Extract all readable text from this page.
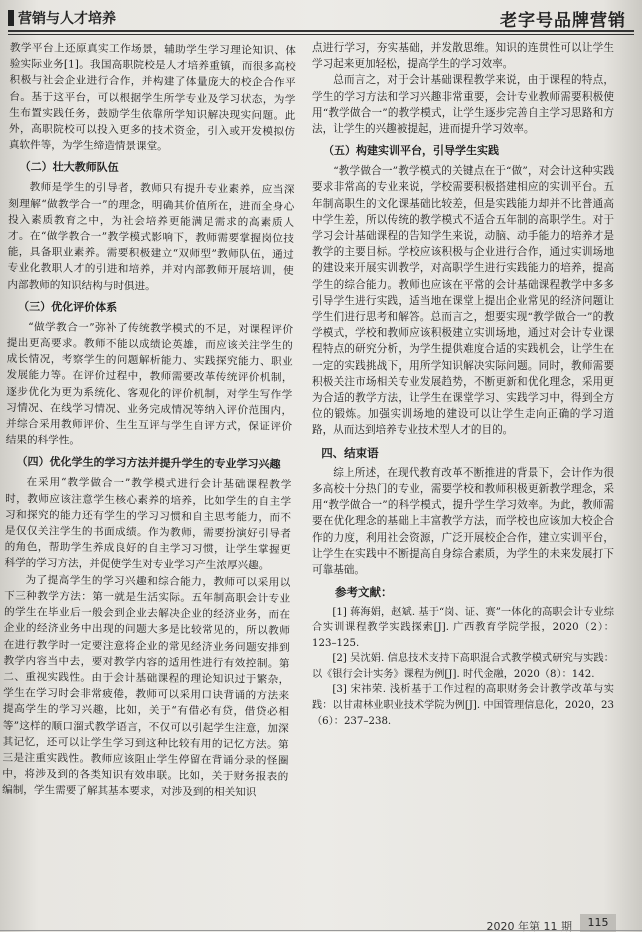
营销与人才培养	老字号品牌营销

教学平台上还原真实工作场景，辅助学生学习理论知识、体验实际业务[1]。我国高职院校是人才培养重镇，而很多高校积极与社会企业进行合作，并构建了体量庞大的校企合作平台。基于这平台，可以根据学生所学专业及学习状态，为学生布置实践任务，鼓励学生依靠所学知识解决现实问题。此外，高职院校可以投入更多的技术资金，引入或开发模拟仿真软件等，为学生缔造情景课堂。

（二）壮大教师队伍

教师是学生的引导者，教师只有提升专业素养，应当深刻理解“做教学合一”的理念，明确其价值所在，进而全身心投入素质教育之中，为社会培养更能满足需求的高素质人才。在“做学教合一”教学模式影响下，教师需要掌握岗位技能，具备职业素养。需要积极建立“双师型”教师队伍，通过专业化教职人才的引进和培养，并对内部教师开展培训，使内部教师的知识结构与时俱进。

（三）优化评价体系

“做学教合一”弥补了传统教学模式的不足，对课程评价提出更高要求。教师不能以成绩论英雄，而应该关注学生的成长情况，考察学生的问题解析能力、实践探究能力、职业发展能力等。在评价过程中，教师需要改革传统评价机制，逐步优化为更为系统化、客观化的评价机制，对学生写作学习情况、在线学习情况、业务完成情况等纳入评价范围内，并综合采用教师评价、生生互评与学生自评方式，保证评价结果的科学性。

（四）优化学生的学习方法并提升学生的专业学习兴趣

在采用“教学做合一”教学模式进行会计基础课程教学时，教师应该注意学生核心素养的培养，比如学生的自主学习和探究的能力还有学生的学习习惯和自主思考能力，而不是仅仅关注学生的书面成绩。作为教师，需要扮演好引导者的角色，帮助学生养成良好的自主学习习惯，让学生掌握更科学的学习方法，并促使学生对专业学习产生浓厚兴趣。

为了提高学生的学习兴趣和综合能力，教师可以采用以下三种教学方法：第一就是生活实际。五年制高职会计专业的学生在毕业后一般会到企业去解决企业的经济业务，而在企业的经济业务中出现的问题大多是比较常见的，所以教师在进行教学时一定要注意将企业的常见经济业务问题安排到教学内容当中去，要对教学内容的适用性进行有效控制。第二、重视实践性。由于会计基础课程的理论知识过于繁杂，学生在学习时会非常疲倦，教师可以采用口诀背诵的方法来提高学生的学习兴趣，比如，关于“有借必有贷，借贷必相等”这样的顺口溜式教学语言，不仅可以引起学生注意，加深其记忆，还可以让学生学习到这种比较有用的记忆方法。第三是注重实践性。教师应该阻止学生停留在背诵分录的怪圈中，将涉及到的各类知识有效串联。比如，关于财务报表的编制，学生需要了解其基本要求，对涉及到的相关知识

点进行学习，夯实基础，并发散思维。知识的连贯性可以让学生学习起来更加轻松，提高学生的学习效率。

总而言之，对于会计基础课程教学来说，由于课程的特点，学生的学习方法和学习兴趣非常重要，会计专业教师需要积极使用“教学做合一”的教学模式，让学生逐步完善自主学习思路和方法，让学生的兴趣被提起，进而提升学习效率。

（五）构建实训平台，引导学生实践

“教学做合一”教学模式的关键点在于“做”，对会计这种实践要求非常高的专业来说，学校需要积极搭建相应的实训平台。五年制高职生的文化课基础比较差，但是实践能力却并不比普通高中学生差，所以传统的教学模式不适合五年制的高职学生。对于学习会计基础课程的告知学生来说，动脑、动手能力的培养才是教学的主要目标。学校应该积极与企业进行合作，通过实训场地的建设来开展实训教学，对高职学生进行实践能力的培养，提高学生的综合能力。教师也应该在平常的会计基础课程教学中多多引导学生进行实践，适当地在课堂上提出企业常见的经济问题让学生们进行思考和解答。总而言之，想要实现“教学做合一”的教学模式，学校和教师应该积极建立实训场地，通过对会计专业课程特点的研究分析，为学生提供难度合适的实践机会，让学生在一定的实践挑战下，用所学知识解决实际问题。同时，教师需要积极关注市场相关专业发展趋势，不断更新和优化理念，采用更为合适的教学方法，让学生在课堂学习、实践学习中，得到全方位的锻炼。加强实训场地的建设可以让学生走向正确的学习道路，从而达到培养专业技术型人才的目的。

四、结束语

综上所述，在现代教育改革不断推进的背景下，会计作为很多高校十分热门的专业，需要学校和教师积极更新教学理念，采用“教学做合一”的科学模式，提升学生学习效率。为此，教师需要在优化理念的基础上丰富教学方法，而学校也应该加大校企合作的力度，利用社会资源，广泛开展校企合作，建立实训平台，让学生在实践中不断提高自身综合素质，为学生的未来发展打下可靠基础。

参考文献：

[1] 蒋海娟，赵斌. 基于“岗、证、赛”一体化的高职会计专业综合实训课程教学实践探索[J]. 广西教育学院学报，2020（2）：123–125.

[2] 吴沈娟. 信息技术支持下高职混合式教学模式研究与实践：以《银行会计实务》课程为例[J]. 时代金融，2020（8）：142.

[3] 宋祎荣. 浅析基于工作过程的高职财务会计教学改革与实践：以甘肃林业职业技术学院为例[J]. 中国管理信息化，2020，23（6）：237–238.

2020 年第 11 期	115
